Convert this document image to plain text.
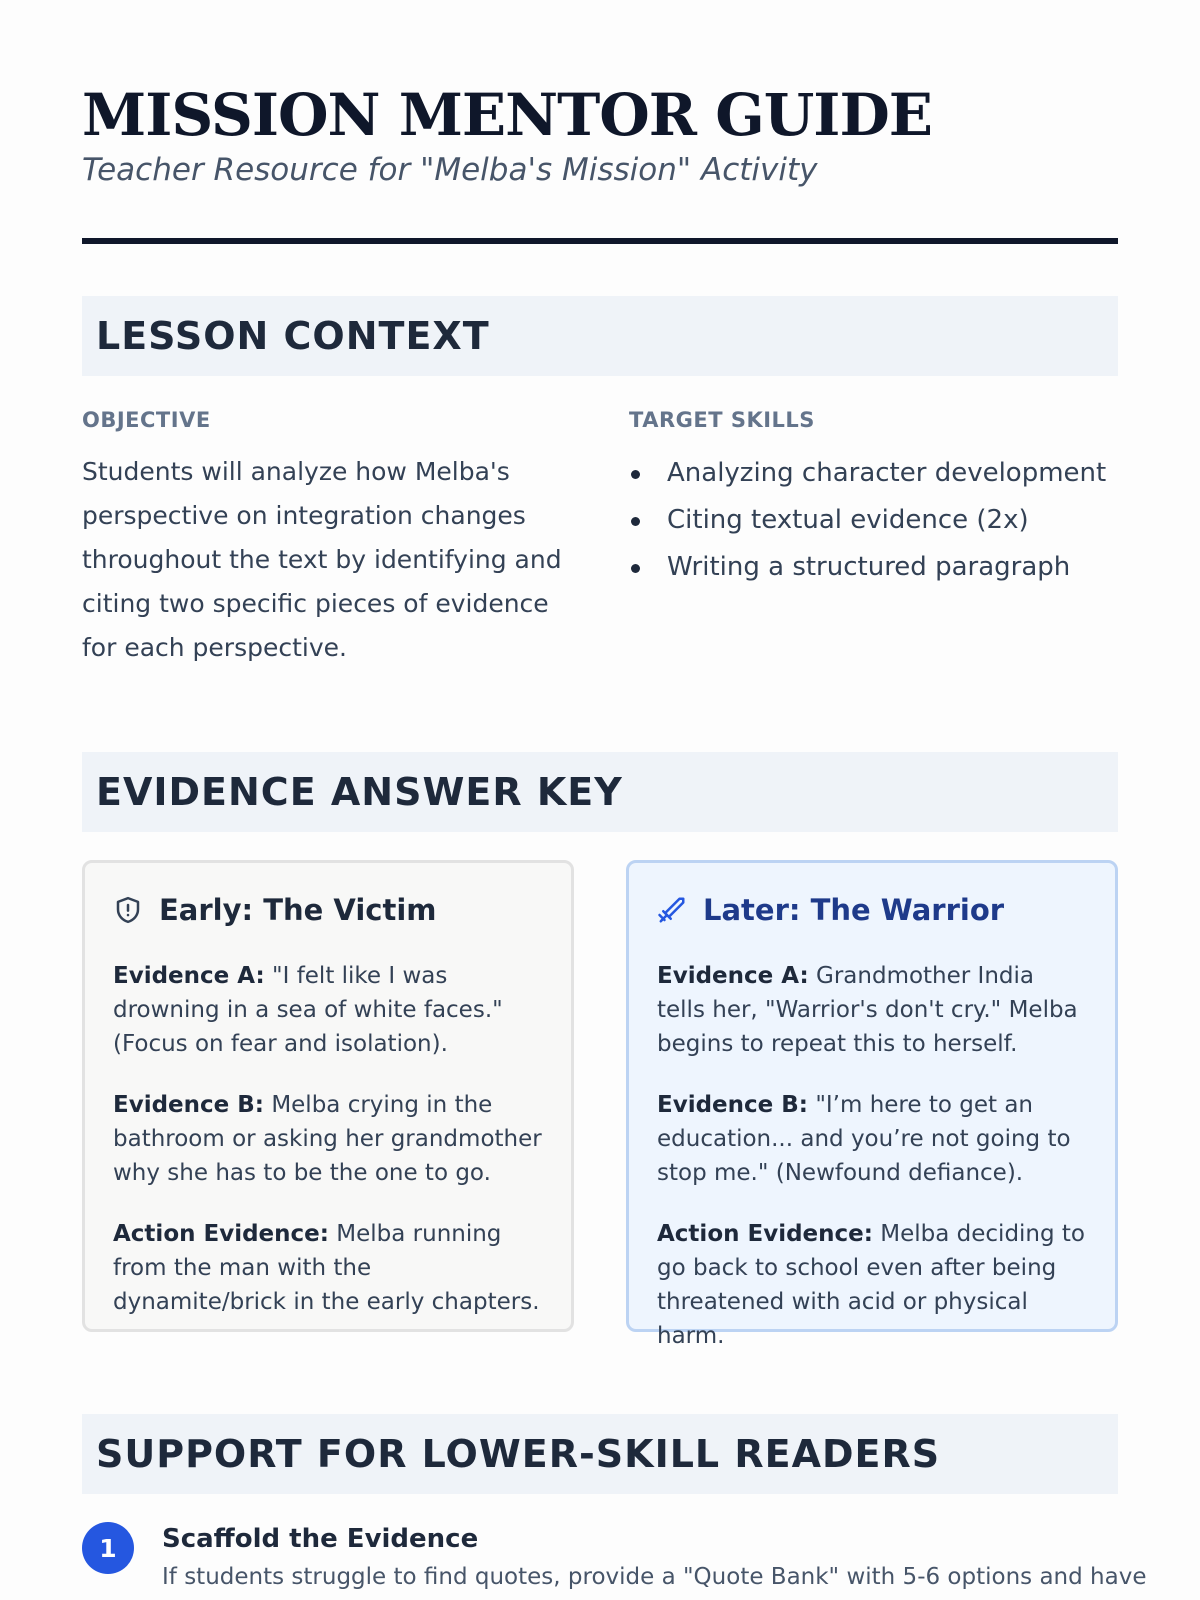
MISSION MENTOR GUIDE
Teacher Resource for "Melba's Mission" Activity
LESSON CONTEXT
OBJECTIVE
Students will analyze how Melba's perspective on integration changes throughout the text by identifying and citing two specific pieces of evidence for each perspective.
TARGET SKILLS
Analyzing character development
Citing textual evidence (2x)
Writing a structured paragraph
EVIDENCE ANSWER KEY
Early: The Victim
Evidence A: "I felt like I was drowning in a sea of white faces." (Focus on fear and isolation).
Evidence B: Melba crying in the bathroom or asking her grandmother why she has to be the one to go.
Action Evidence: Melba running from the man with the dynamite/brick in the early chapters.
Later: The Warrior
Evidence A: Grandmother India tells her, "Warrior's don't cry." Melba begins to repeat this to herself.
Evidence B: "I’m here to get an education... and you’re not going to stop me." (Newfound defiance).
Action Evidence: Melba deciding to go back to school even after being threatened with acid or physical harm.
SUPPORT FOR LOWER-SKILL READERS
1	Scaffold the Evidence
If students struggle to find quotes, provide a "Quote Bank" with 5-6 options and have
